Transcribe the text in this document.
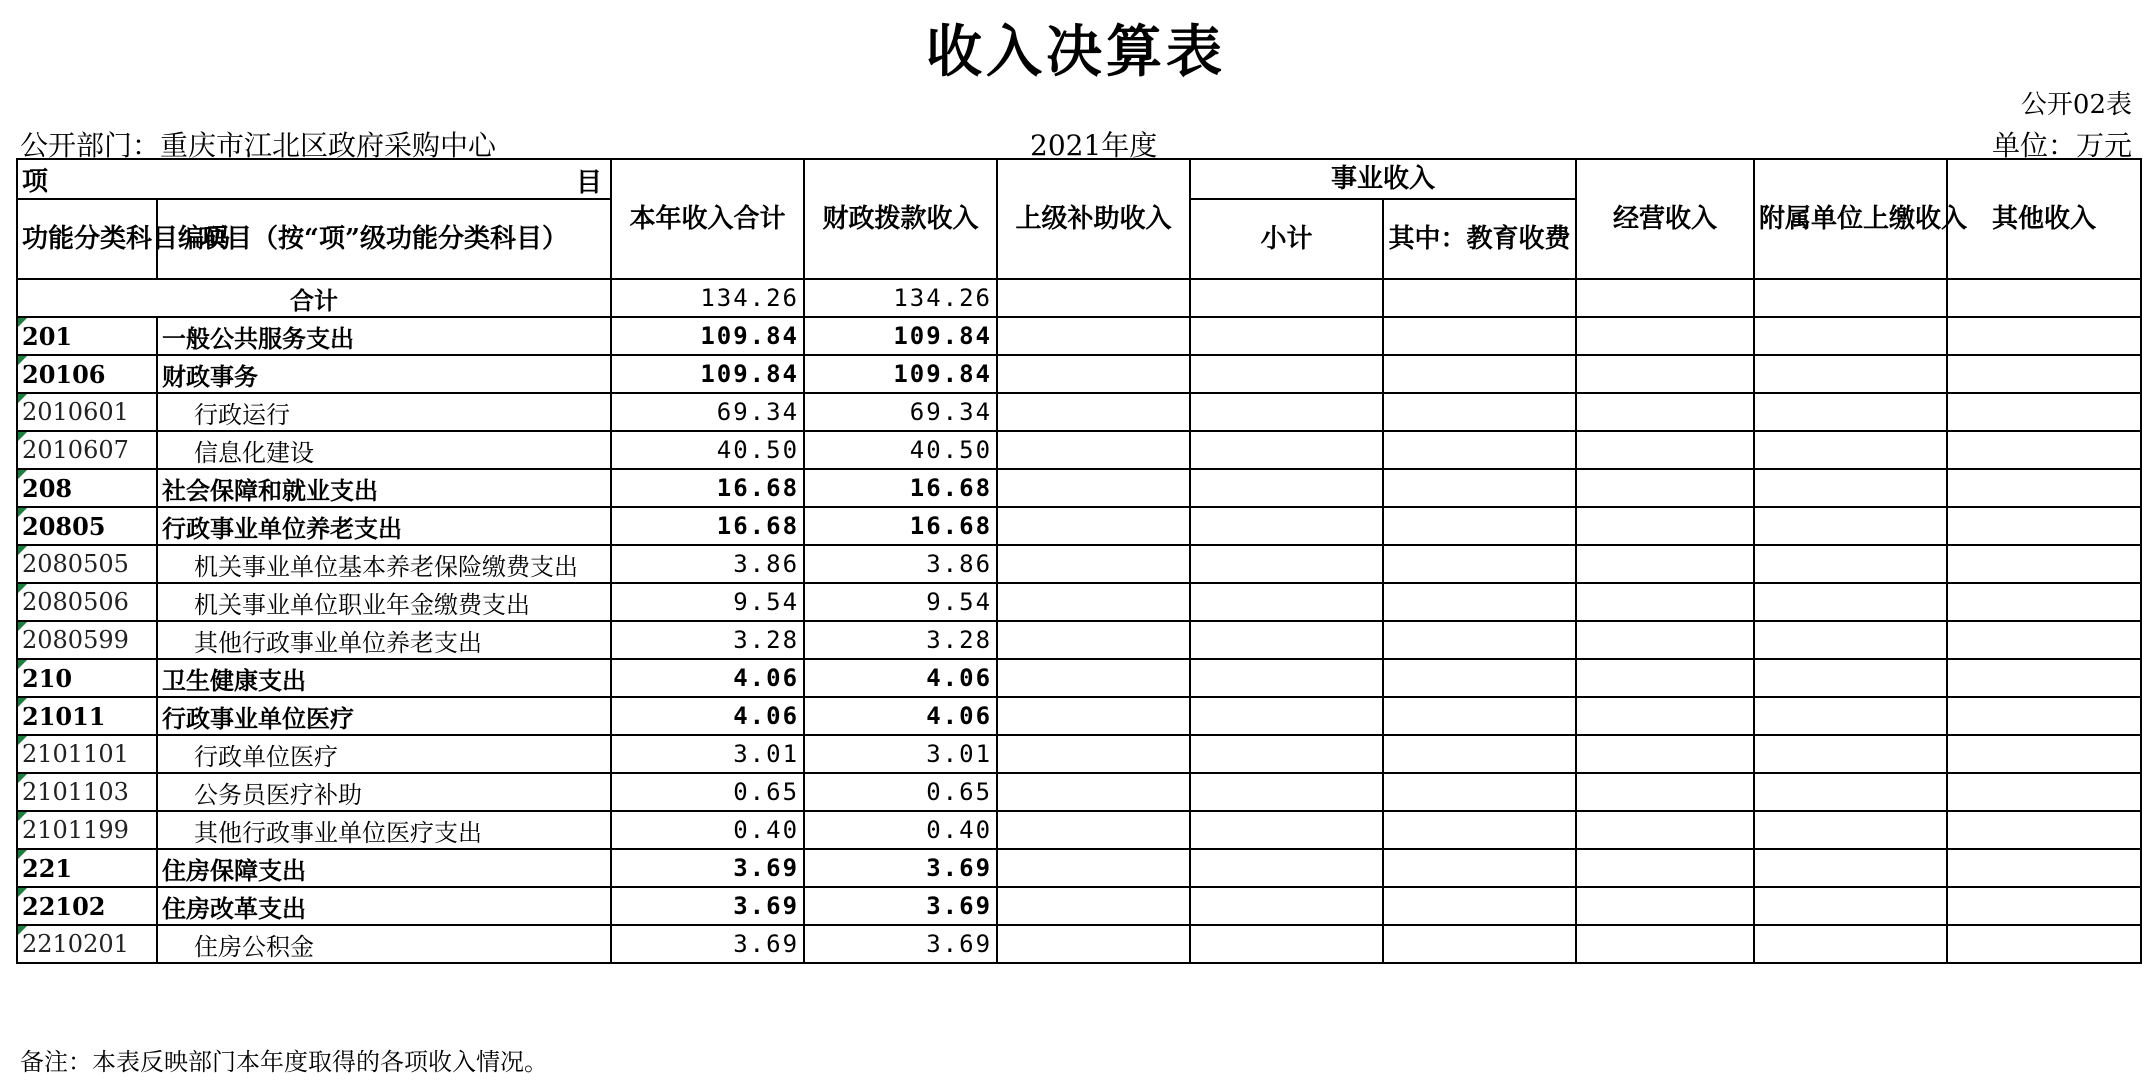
收入决算表
公开02表
公开部门：重庆市江北区政府采购中心	2021年度	单位：万元
项 目		本年收入合计	财政拨款收入	上级补助收入	事业收入		经营收入	附属单位上缴收入	其他收入
功能分类科目编码	项目（按“项”级功能分类科目）								
					小计	其中：教育收费			
合计		134.26	134.26						
201	一般公共服务支出	109.84	109.84						
20106	财政事务	109.84	109.84						
2010601	行政运行	69.34	69.34						
2010607	信息化建设	40.50	40.50						
208	社会保障和就业支出	16.68	16.68						
20805	行政事业单位养老支出	16.68	16.68						
2080505	机关事业单位基本养老保险缴费支出	3.86	3.86						
2080506	机关事业单位职业年金缴费支出	9.54	9.54						
2080599	其他行政事业单位养老支出	3.28	3.28						
210	卫生健康支出	4.06	4.06						
21011	行政事业单位医疗	4.06	4.06						
2101101	行政单位医疗	3.01	3.01						
2101103	公务员医疗补助	0.65	0.65						
2101199	其他行政事业单位医疗支出	0.40	0.40						
221	住房保障支出	3.69	3.69						
22102	住房改革支出	3.69	3.69						
2210201	住房公积金	3.69	3.69						
备注：本表反映部门本年度取得的各项收入情况。
